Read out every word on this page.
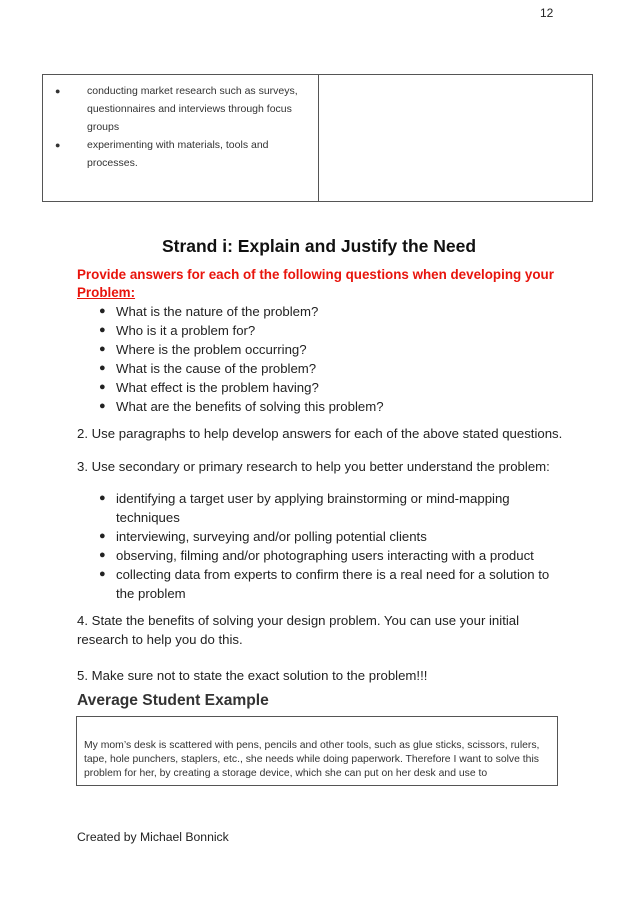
12
●	conducting market research such as surveys, questionnaires and interviews through focus groups
●	experimenting with materials, tools and processes.
Strand i: Explain and Justify the Need
Provide answers for each of the following questions when developing your Problem:
● What is the nature of the problem?
● Who is it a problem for?
● Where is the problem occurring?
● What is the cause of the problem?
● What effect is the problem having?
● What are the benefits of solving this problem?
2. Use paragraphs to help develop answers for each of the above stated questions.
3. Use secondary or primary research to help you better understand the problem:
● identifying a target user by applying brainstorming or mind-mapping techniques
● interviewing, surveying and/or polling potential clients
● observing, filming and/or photographing users interacting with a product
● collecting data from experts to confirm there is a real need for a solution to the problem
4. State the benefits of solving your design problem. You can use your initial research to help you do this.
5. Make sure not to state the exact solution to the problem!!!
Average Student Example
My mom’s desk is scattered with pens, pencils and other tools, such as glue sticks, scissors, rulers, tape, hole punchers, staplers, etc., she needs while doing paperwork. Therefore I want to solve this problem for her, by creating a storage device, which she can put on her desk and use to
Created by Michael Bonnick
